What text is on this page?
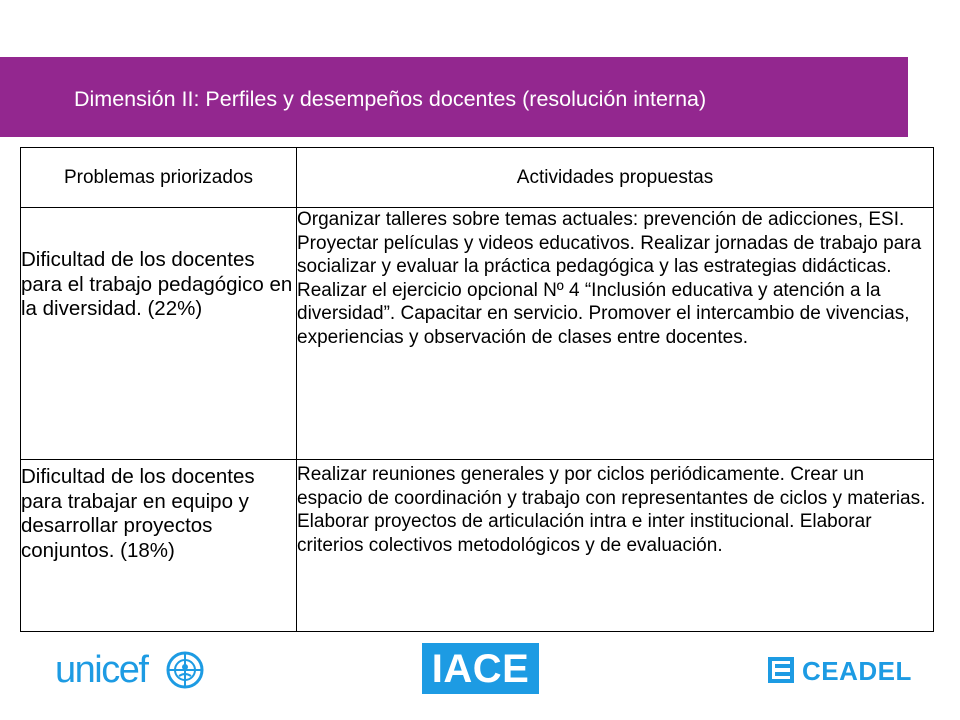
Dimensión II: Perfiles y desempeños docentes (resolución interna)
Problemas priorizados	Actividades propuestas
Dificultad de los docentes para el trabajo pedagógico en la diversidad. (22%)	Organizar talleres sobre temas actuales: prevención de adicciones, ESI. Proyectar películas y videos educativos. Realizar jornadas de trabajo para socializar y evaluar la práctica pedagógica y las estrategias didácticas. Realizar el ejercicio opcional Nº 4 “Inclusión educativa y atención a la diversidad”. Capacitar en servicio. Promover el intercambio de vivencias, experiencias y observación de clases entre docentes.
Dificultad de los docentes para trabajar en equipo y desarrollar proyectos conjuntos. (18%)	Realizar reuniones generales y por ciclos periódicamente. Crear un espacio de coordinación y trabajo con representantes de ciclos y materias. Elaborar proyectos de articulación intra e inter institucional. Elaborar criterios colectivos metodológicos y de evaluación.
unicef	IACE	CEADEL
